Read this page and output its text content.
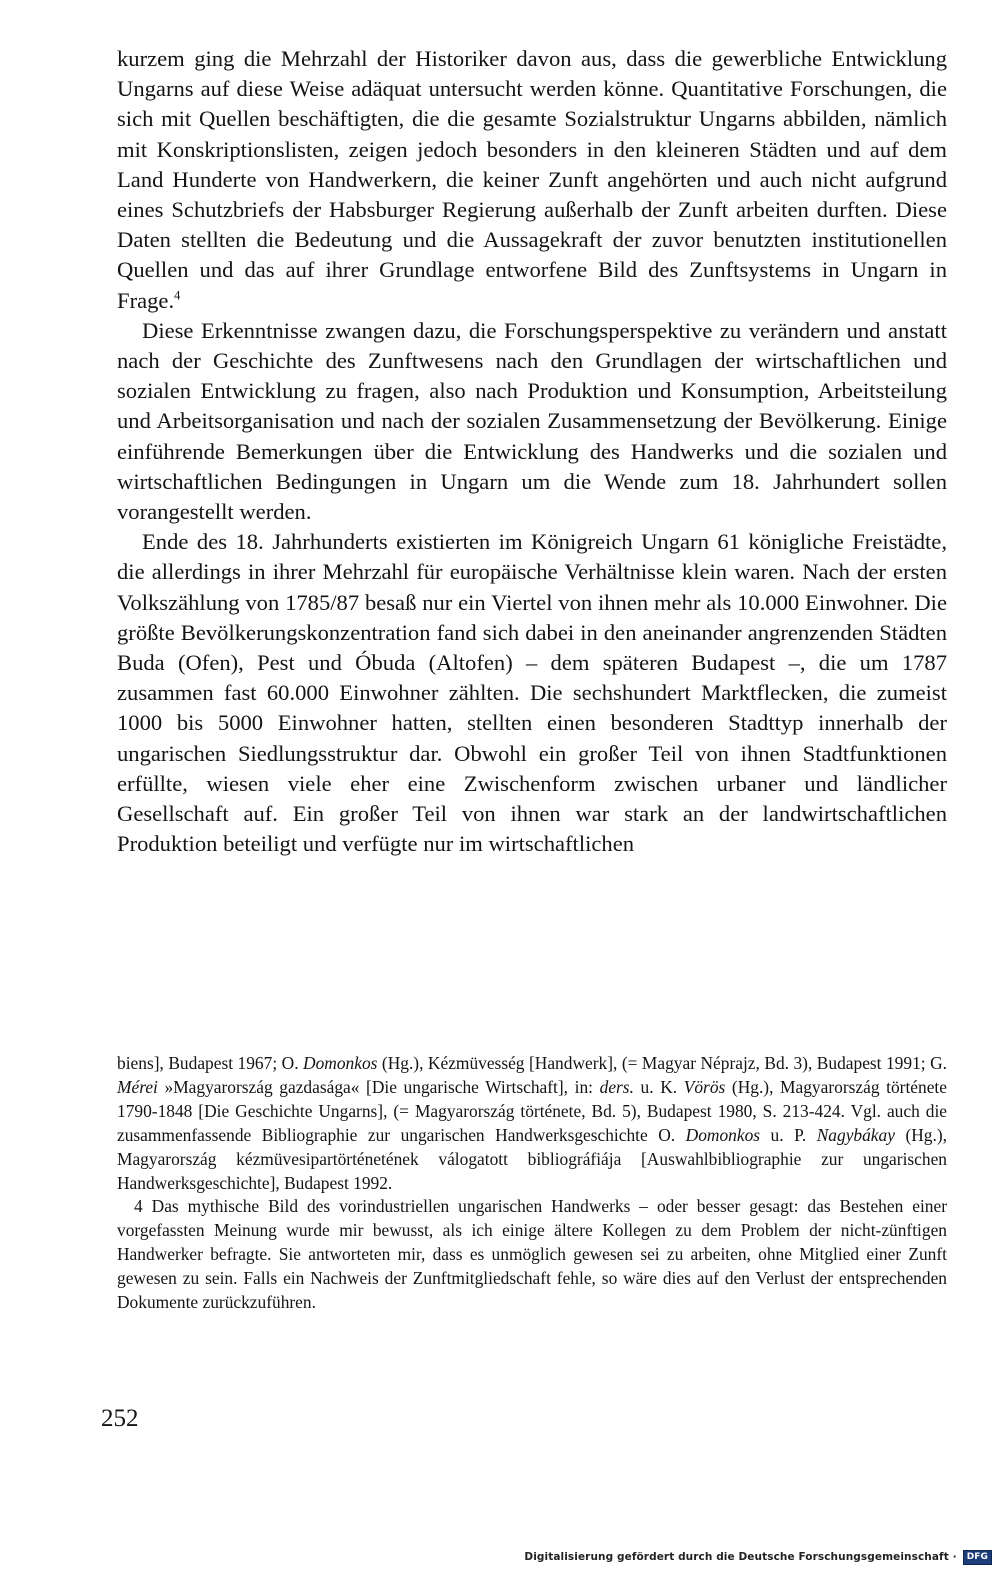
kurzem ging die Mehrzahl der Historiker davon aus, dass die gewerbliche Entwicklung Ungarns auf diese Weise adäquat untersucht werden könne. Quantitative Forschungen, die sich mit Quellen beschäftigten, die die gesamte Sozialstruktur Ungarns abbilden, nämlich mit Konskriptionslisten, zeigen jedoch besonders in den kleineren Städten und auf dem Land Hunderte von Handwerkern, die keiner Zunft angehörten und auch nicht aufgrund eines Schutzbriefs der Habsburger Regierung außerhalb der Zunft arbeiten durften. Diese Daten stellten die Bedeutung und die Aussagekraft der zuvor benutzten institutionellen Quellen und das auf ihrer Grundlage entworfene Bild des Zunftsystems in Ungarn in Frage.$^4$

Diese Erkenntnisse zwangen dazu, die Forschungsperspektive zu verändern und anstatt nach der Geschichte des Zunftwesens nach den Grundlagen der wirtschaftlichen und sozialen Entwicklung zu fragen, also nach Produktion und Konsumption, Arbeitsteilung und Arbeitsorganisation und nach der sozialen Zusammensetzung der Bevölkerung. Einige einführende Bemerkungen über die Entwicklung des Handwerks und die sozialen und wirtschaftlichen Bedingungen in Ungarn um die Wende zum 18. Jahrhundert sollen vorangestellt werden.

Ende des 18. Jahrhunderts existierten im Königreich Ungarn 61 königliche Freistädte, die allerdings in ihrer Mehrzahl für europäische Verhältnisse klein waren. Nach der ersten Volkszählung von 1785/87 besaß nur ein Viertel von ihnen mehr als 10.000 Einwohner. Die größte Bevölkerungskonzentration fand sich dabei in den aneinander angrenzenden Städten Buda (Ofen), Pest und Óbuda (Altofen) – dem späteren Budapest –, die um 1787 zusammen fast 60.000 Einwohner zählten. Die sechshundert Marktflecken, die zumeist 1000 bis 5000 Einwohner hatten, stellten einen besonderen Stadttyp innerhalb der ungarischen Siedlungsstruktur dar. Obwohl ein großer Teil von ihnen Stadtfunktionen erfüllte, wiesen viele eher eine Zwischenform zwischen urbaner und ländlicher Gesellschaft auf. Ein großer Teil von ihnen war stark an der landwirtschaftlichen Produktion beteiligt und verfügte nur im wirtschaftlichen

biens], Budapest 1967; O. Domonkos (Hg.), Kézmüvesség [Handwerk], (= Magyar Néprajz, Bd. 3), Budapest 1991; G. Mérei »Magyarország gazdasága« [Die ungarische Wirtschaft], in: ders. u. K. Vörös (Hg.), Magyarország története 1790-1848 [Die Geschichte Ungarns], (= Magyarország története, Bd. 5), Budapest 1980, S. 213-424. Vgl. auch die zusammenfassende Bibliographie zur ungarischen Handwerksgeschichte O. Domonkos u. P. Nagybákay (Hg.), Magyarország kézmüvesipartörténetének válogatott bibliográfiája [Auswahlbibliographie zur ungarischen Handwerksgeschichte], Budapest 1992.

4 Das mythische Bild des vorindustriellen ungarischen Handwerks – oder besser gesagt: das Bestehen einer vorgefassten Meinung wurde mir bewusst, als ich einige ältere Kollegen zu dem Problem der nicht-zünftigen Handwerker befragte. Sie antworteten mir, dass es unmöglich gewesen sei zu arbeiten, ohne Mitglied einer Zunft gewesen zu sein. Falls ein Nachweis der Zunftmitgliedschaft fehle, so wäre dies auf den Verlust der entsprechenden Dokumente zurückzuführen.

252
Digitalisierung gefördert durch die Deutsche Forschungsgemeinschaft ·	DFG
